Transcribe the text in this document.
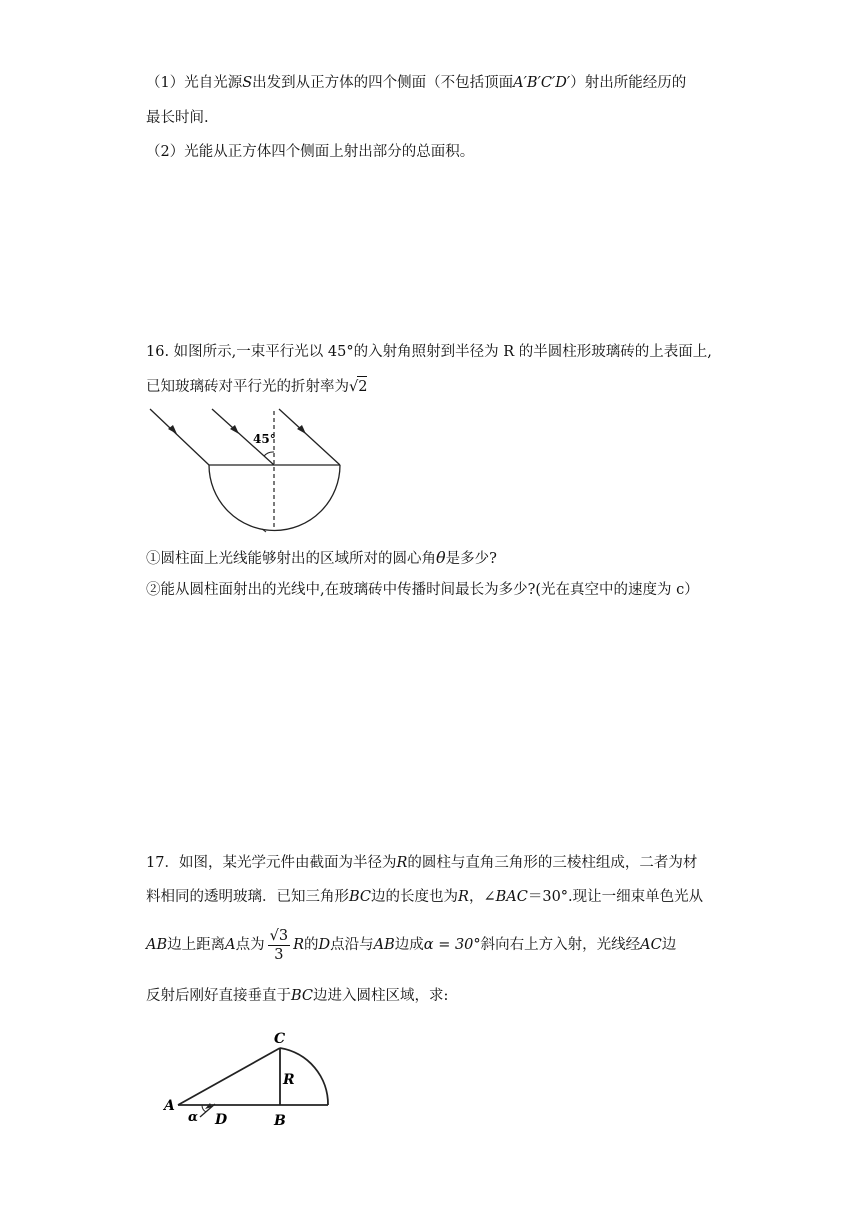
（1）光自光源S出发到从正方体的四个侧面（不包括顶面A′B′C′D′）射出所能经历的
最长时间.
（2）光能从正方体四个侧面上射出部分的总面积。
16. 如图所示,一束平行光以 45°的入射角照射到半径为 R 的半圆柱形玻璃砖的上表面上,
已知玻璃砖对平行光的折射率为√2
45°
①圆柱面上光线能够射出的区域所对的圆心角θ是多少?
②能从圆柱面射出的光线中,在玻璃砖中传播时间最长为多少?(光在真空中的速度为 c）
17．如图，某光学元件由截面为半径为R的圆柱与直角三角形的三棱柱组成，二者为材
料相同的透明玻璃．已知三角形BC边的长度也为R，∠BAC＝30°.现让一细束单色光从
AB边上距离A点为 $\frac{√3}{3}$ R的D点沿与AB边成α = 30°斜向右上方入射，光线经AC边
反射后刚好直接垂直于BC边进入圆柱区域，求:
A
B
C
D
R
α
